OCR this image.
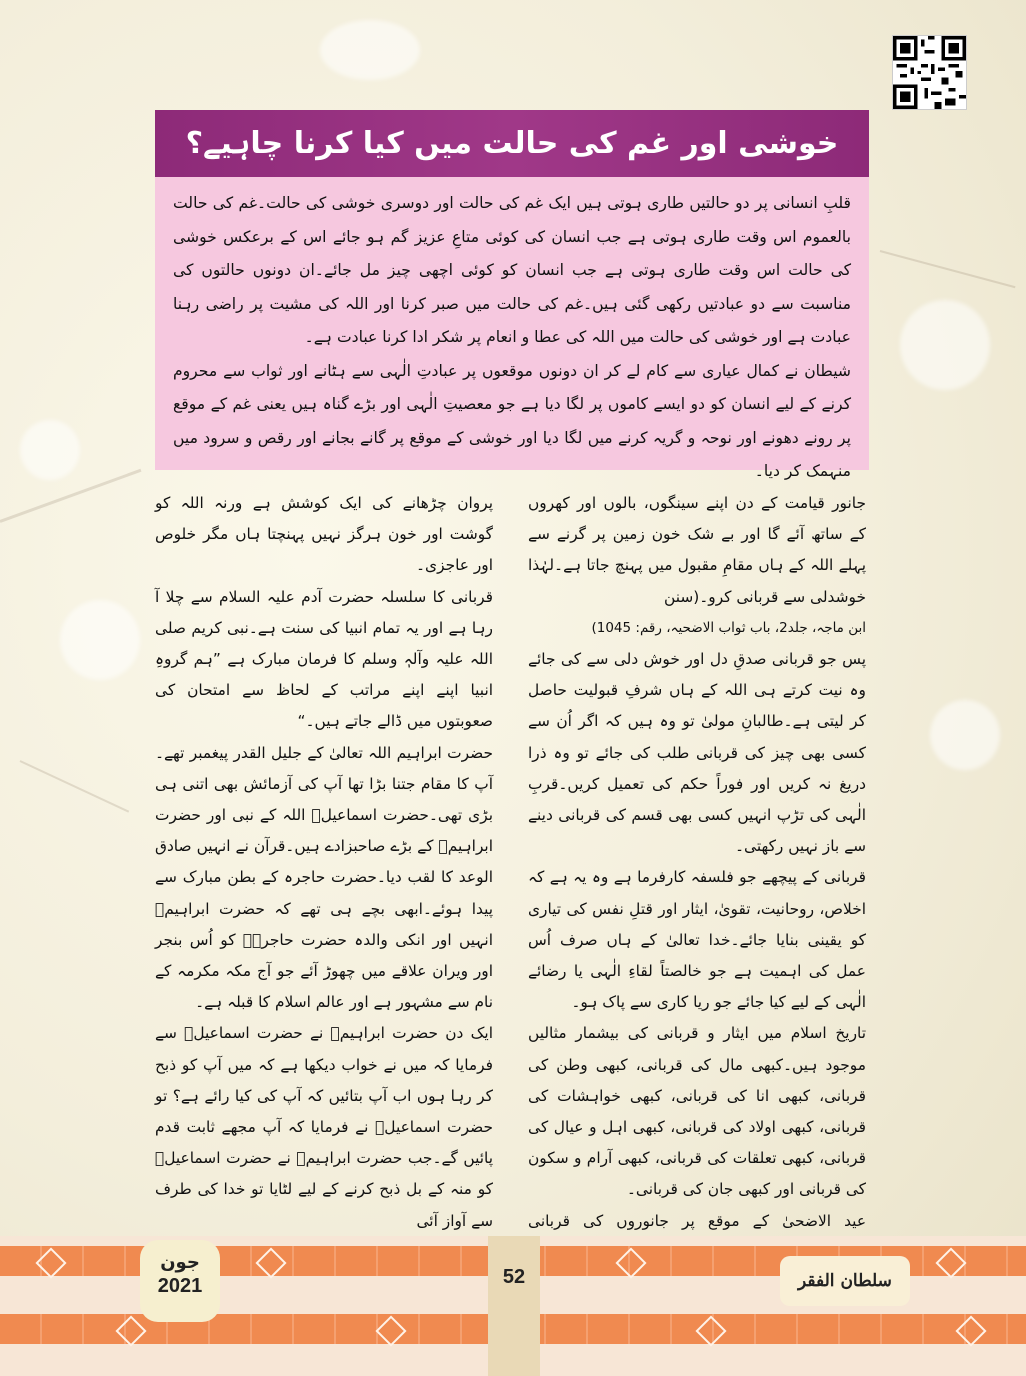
خوشی اور غم کی حالت میں کیا کرنا چاہیے؟

قلبِ انسانی پر دو حالتیں طاری ہوتی ہیں ایک غم کی حالت اور دوسری خوشی کی حالت۔غم کی حالت بالعموم اس وقت طاری ہوتی ہے جب انسان کی کوئی متاعِ عزیز گم ہو جائے اس کے برعکس خوشی کی حالت اس وقت طاری ہوتی ہے جب انسان کو کوئی اچھی چیز مل جائے۔ان دونوں حالتوں کی مناسبت سے دو عبادتیں رکھی گئی ہیں۔غم کی حالت میں صبر کرنا اور اللہ کی مشیت پر راضی رہنا عبادت ہے اور خوشی کی حالت میں اللہ کی عطا و انعام پر شکر ادا کرنا عبادت ہے۔

شیطان نے کمال عیاری سے کام لے کر ان دونوں موقعوں پر عبادتِ الٰہی سے ہٹانے اور ثواب سے محروم کرنے کے لیے انسان کو دو ایسے کاموں پر لگا دیا ہے جو معصیتِ الٰہی اور بڑے گناہ ہیں یعنی غم کے موقع پر رونے دھونے اور نوحہ و گریہ کرنے میں لگا دیا اور خوشی کے موقع پر گانے بجانے اور رقص و سرود میں منہمک کر دیا۔

جانور قیامت کے دن اپنے سینگوں، بالوں اور کھروں کے ساتھ آئے گا اور بے شک خون زمین پر گرنے سے پہلے اللہ کے ہاں مقامِ مقبول میں پہنچ جاتا ہے۔لہٰذا خوشدلی سے قربانی کرو۔(سنن

ابن ماجہ، جلد2، باب ثواب الاضحیہ، رقم: 1045)

پس جو قربانی صدقِ دل اور خوش دلی سے کی جائے وہ نیت کرتے ہی اللہ کے ہاں شرفِ قبولیت حاصل کر لیتی ہے۔طالبانِ مولیٰ تو وہ ہیں کہ اگر اُن سے کسی بھی چیز کی قربانی طلب کی جائے تو وہ ذرا دریغ نہ کریں اور فوراً حکم کی تعمیل کریں۔قربِ الٰہی کی تڑپ انہیں کسی بھی قسم کی قربانی دینے سے باز نہیں رکھتی۔

قربانی کے پیچھے جو فلسفہ کارفرما ہے وہ یہ ہے کہ اخلاص، روحانیت، تقویٰ، ایثار اور قتلِ نفس کی تیاری کو یقینی بنایا جائے۔خدا تعالیٰ کے ہاں صرف اُس عمل کی اہمیت ہے جو خالصتاً لقاءِ الٰہی یا رضائے الٰہی کے لیے کیا جائے جو ریا کاری سے پاک ہو۔

تاریخ اسلام میں ایثار و قربانی کی بیشمار مثالیں موجود ہیں۔کبھی مال کی قربانی، کبھی وطن کی قربانی، کبھی انا کی قربانی، کبھی خواہشات کی قربانی، کبھی اولاد کی قربانی، کبھی اہل و عیال کی قربانی، کبھی تعلقات کی قربانی، کبھی آرام و سکون کی قربانی اور کبھی جان کی قربانی۔

عید الاضحیٰ کے موقع پر جانوروں کی قربانی

پروان چڑھانے کی ایک کوشش ہے ورنہ اللہ کو گوشت اور خون ہرگز نہیں پہنچتا ہاں مگر خلوص اور عاجزی۔

قربانی کا سلسلہ حضرت آدم علیہ السلام سے چلا آ رہا ہے اور یہ تمام انبیا کی سنت ہے۔نبی کریم صلی اللہ علیہ وآلہٖ وسلم کا فرمان مبارک ہے ”ہم گروہِ انبیا اپنے اپنے مراتب کے لحاظ سے امتحان کی صعوبتوں میں ڈالے جاتے ہیں۔“

حضرت ابراہیم اللہ تعالیٰ کے جلیل القدر پیغمبر تھے۔آپ کا مقام جتنا بڑا تھا آپ کی آزمائش بھی اتنی ہی بڑی تھی۔حضرت اسماعیلؑ اللہ کے نبی اور حضرت ابراہیمؑ کے بڑے صاحبزادے ہیں۔قرآن نے انہیں صادق الوعد کا لقب دیا۔حضرت حاجرہ کے بطن مبارک سے پیدا ہوئے۔ابھی بچے ہی تھے کہ حضرت ابراہیمؑ انہیں اور انکی والدہ حضرت حاجرہؓ کو اُس بنجر اور ویران علاقے میں چھوڑ آئے جو آج مکہ مکرمہ کے نام سے مشہور ہے اور عالم اسلام کا قبلہ ہے۔

ایک دن حضرت ابراہیمؑ نے حضرت اسماعیلؑ سے فرمایا کہ میں نے خواب دیکھا ہے کہ میں آپ کو ذبح کر رہا ہوں اب آپ بتائیں کہ آپ کی کیا رائے ہے؟ تو حضرت اسماعیلؑ نے فرمایا کہ آپ مجھے ثابت قدم پائیں گے۔جب حضرت ابراہیمؑ نے حضرت اسماعیلؑ کو منہ کے بل ذبح کرنے کے لیے لٹایا تو خدا کی طرف سے آواز آئی

52
جون
2021	سلطان الفقر
